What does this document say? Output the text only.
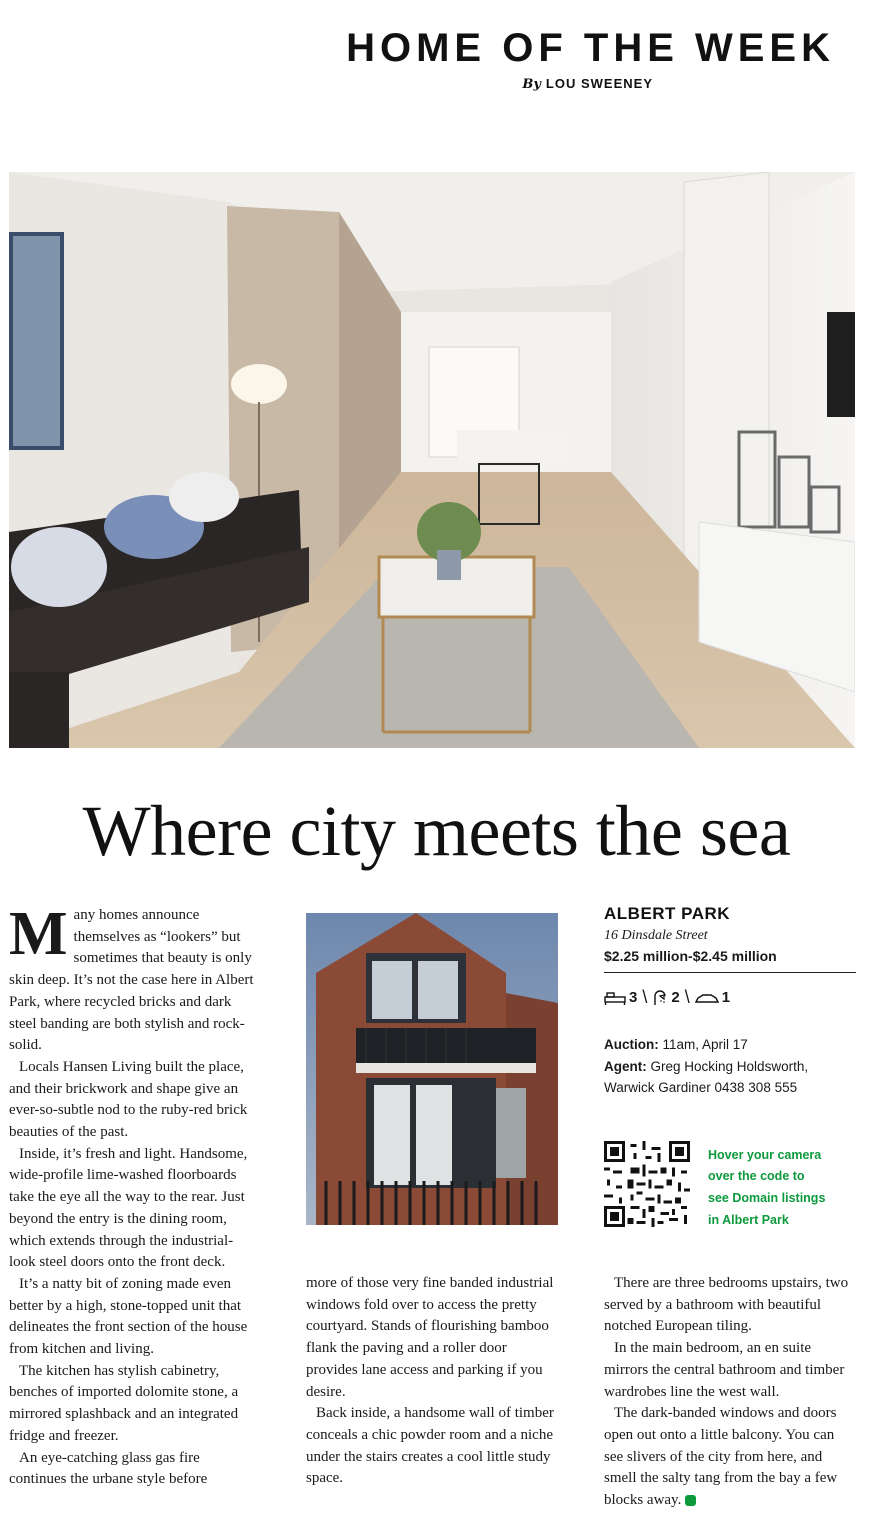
HOME OF THE WEEK
By LOU SWEENEY
Where city meets the sea

Many homes announce themselves as “lookers” but sometimes that beauty is only skin deep. It’s not the case here in Albert Park, where recycled bricks and dark steel banding are both stylish and rock-solid.

Locals Hansen Living built the place, and their brickwork and shape give an ever-so-subtle nod to the ruby-red brick beauties of the past.

Inside, it’s fresh and light. Handsome, wide-profile lime-washed floorboards take the eye all the way to the rear. Just beyond the entry is the dining room, which extends through the industrial-look steel doors onto the front deck.

It’s a natty bit of zoning made even better by a high, stone-topped unit that delineates the front section of the house from kitchen and living.

The kitchen has stylish cabinetry, benches of imported dolomite stone, a mirrored splashback and an integrated fridge and freezer.

An eye-catching glass gas fire continues the urbane style before

more of those very fine banded industrial windows fold over to access the pretty courtyard. Stands of flourishing bamboo flank the paving and a roller door provides lane access and parking if you desire.

Back inside, a handsome wall of timber conceals a chic powder room and a niche under the stairs creates a cool little study space.

ALBERT PARK
16 Dinsdale Street
$2.25 million-$2.45 million
3 \ 2 \ 1
Auction: 11am, April 17
Agent: Greg Hocking Holdsworth, Warwick Gardiner 0438 308 555
Hover your camera
over the code to
see Domain listings
in Albert Park

There are three bedrooms upstairs, two served by a bathroom with beautiful notched European tiling.

In the main bedroom, an en suite mirrors the central bathroom and timber wardrobes line the west wall.

The dark-banded windows and doors open out onto a little balcony. You can see slivers of the city from here, and smell the salty tang from the bay a few blocks away.
